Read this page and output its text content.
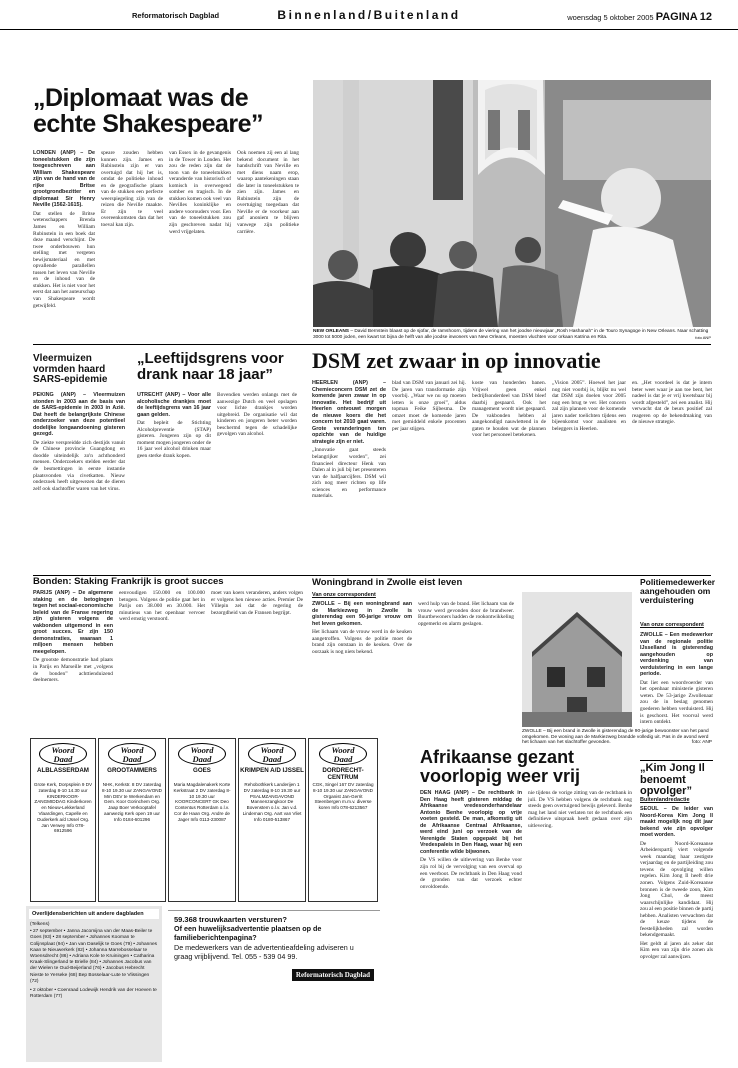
Reformatorisch Dagblad	Binnenland/Buitenland	woensdag 5 oktober 2005 PAGINA 12
„Diplomaat was de echte Shakespeare”

LONDEN (ANP) – De toneelstukken die zijn toegeschreven aan William Shakespeare zijn van de hand van de rijke Britse grootgrondbezitter en diplomaat Sir Henry Neville (1562-1615).

Dat stellen de Britse wetenschappers Brenda James en William Rubinstein in een boek dat deze maand verschijnt. De twee onderbouwen hun stelling met vergeten bewijsmateriaal en met opvallende parallellen tussen het leven van Neville en de inhoud van de stukken. Het is niet voor het eerst dat aan het auteurschap van Shakespeare wordt getwijfeld.

speare zouden hebben kunnen zijn. James en Rubinstein zijn er van overtuigd dat hij het is, omdat de politieke inhoud en de geografische plaats van de stukken een perfecte weerspiegeling zijn van de reizen die Neville maakte. Er zijn te veel overeenkomsten dan dat het toeval kan zijn.

van Essex in de gevangenis in de Tower in Londen. Het zou de reden zijn dat de toon van de toneelstukken veranderde van historisch of komisch in overwegend somber en tragisch. In de stukken komen ook veel van Nevilles koninklijke en andere voorouders voor. Een van de toneelstukken zou zijn geschreven nadat hij werd vrijgelaten.

Ook noemen zij een al lang bekend document in het handschrift van Neville en met diens naam erop, waarop aantekeningen staan die later in toneelstukken te zien zijn. James en Rubinstein zijn de overtuiging toegedaan dat Neville er de voorkeur aan gaf anoniem te blijven vanwege zijn politieke carrière.

NEW ORLEANS – David Bernstein blaast op de sjofar, de ramshoorn, tijdens de viering van het joodse nieuwjaar „Rosh Hashanah” in de Touro Synagoge in New Orleans. Naar schatting 3000 tot 5000 joden, een kwart tot bijna de helft van alle joodse inwoners van New Orleans, moesten vluchten voor orkaan Katrina en Rita.	foto ANP
Vleermuizen vormden haard SARS-epidemie

PEKING (ANP) – Vleermuizen stonden in 2003 aan de basis van de SARS-epidemie in 2003 in Azië. Dat heeft de belangrijkste Chinese onderzoeker van deze potentieel dodelijke longaandoening gisteren gezegd.

De ziekte verspreidde zich destijds vanuit de Chinese provincie Guangdong en doodde uiteindelijk zo'n achthonderd mensen. Onderzoekers stelden eerder dat de besmettingen in eerste instantie plaatsvonden via civetkatten. Nieuw onderzoek heeft uitgewezen dat de dieren zelf ook slachtoffer waren van het virus.

„Leeftijdsgrens voor drank naar 18 jaar”

UTRECHT (ANP) – Voor alle alcoholische drankjes moet de leeftijdsgrens van 16 jaar gaan gelden.

Dat bepleit de Stichting Alcoholpreventie (STAP) gisteren. Jongeren zijn op dit moment mogen jongeren onder de 16 jaar wel alcohol drinken maar geen sterke drank kopen.

Bovendien werden onlangs met de aanwezige Dutch en veel opslagen voor lichte drankjes worden uitgebreid. De organisatie wil dat kinderen en jongeren beter worden beschermd tegen de schadelijke gevolgen van alcohol.

DSM zet zwaar in op innovatie

HEERLEN (ANP) – Chemieconcern DSM zet de komende jaren zwaar in op innovatie. Het bedrijf uit Heerlen ontvouwt morgen de nieuwe koers die het concern tot 2010 gaat varen. Grote veranderingen ten opzichte van de huidige strategie zijn er niet.

„Innovatie gaat steeds belangrijker worden”, zei financieel directeur Henk van Dalen al in juli bij het presenteren van de halfjaarcijfers. DSM wil zich nog meer richten op life sciences en performance materials.

blad van DSM van januari zei hij. De jaren van transformatie zijn voorbij. „Waar we nu op moeten letten is onze groei”, aldus topman Feike Sijbesma. De omzet moet de komende jaren met gemiddeld enkele procenten per jaar stijgen.

koste van honderden banen. Vrijwel geen enkel bedrijfsonderdeel van DSM bleef daarbij gespaard. Ook het management wordt niet gespaard. De vakbonden hebben al aangekondigd nauwlettend in de gaten te houden wat de plannen voor het personeel betekenen.

„Vision 2005”. Hoewel het jaar nog niet voorbij is, blijkt nu wel dat DSM zijn doelen voor 2005 nog een brug te ver. Het concern zal zijn plannen voor de komende jaren nader toelichten tijdens een bijeenkomst voor analisten en beleggers in Heerlen.

en. „Het voordeel is dat je intern beter weet waar je aan toe bent, het nadeel is dat je er vrij kwetsbaar bij wordt afgesteld”, zei een analist. Hij verwacht dat de beurs positief zal reageren op de bekendmaking van de nieuwe strategie.

Bonden: Staking Frankrijk is groot succes

PARIJS (ANP) – De algemene staking en de betogingen tegen het sociaal-economische beleid van de Franse regering zijn gisteren volgens de vakbonden uitgemond in een groot succes. Er zijn 150 demonstraties, waaraan 1 miljoen mensen hebben meegelopen.

De grootste demonstratie had plaats in Parijs en Marseille met „volgens de bonden” achttienduizend deelnemers.

eenvoudigen 150.000 en 100.000 betogers. Volgens de politie gaat het in Parijs om 38.000 en 30.000. Het minutieus van het openbaar vervoer werd ernstig verstoord.

moet van koers veranderen, anders volgen er volgens hen nieuwe acties. Premier De Villepin zei dat de regering de bezorgdheid van de Fransen begrijpt.

Woningbrand in Zwolle eist leven
Van onze correspondent

ZWOLLE – Bij een woningbrand aan de Markiezweg in Zwolle is gisterendag een 90-jarige vrouw om het leven gekomen.

Het lichaam van de vrouw werd in de keuken aangetroffen. Volgens de politie moet de brand zijn ontstaan in de keuken. Over de oorzaak is nog niets bekend.

werd hulp van de brand. Het lichaam van de vrouw werd gevonden door de brandweer. Buurtbewoners hadden de rookontwikkeling opgemerkt en alarm geslagen.

ZWOLLE – Bij een brand in Zwolle is gisterendag de 90-jarige bewoonster van het pand omgekomen. De woning aan de Markiezweg brandde volledig uit. Pas in de avond werd het lichaam van het slachtoffer gevonden.	foto: ANP
Politiemedewerker aangehouden om verduistering
Van onze correspondent

ZWOLLE – Een medewerker van de regionale politie IJsselland is gisterendag aangehouden op verdenking van verduistering in een lange periode.

Dat liet een woordvoerder van het openbaar ministerie gisteren weten. De 53-jarige Zwollenaar zou de in beslag genomen goederen hebben verduisterd. Hij is geschorst. Het voorval werd intern ontdekt.

„Kim Jong Il benoemt opvolger”
Buitenlandredactie

SEOUL – De leider van Noord-Korea Kim Jong Il maakt mogelijk nog dit jaar bekend wie zijn opvolger moet worden.

De Noord-Koreaanse Arbeiderspartij viert volgende week maandag haar zestigste verjaardag en de partijleiding zou tevens de opvolging willen regelen. Kim Jong Il heeft drie zonen. Volgens Zuid-Koreaanse bronnen is de tweede zoon, Kim Jong Chol, de meest waarschijnlijke kandidaat. Hij zou al een positie binnen de partij hebben. Analisten verwachten dat de keuze tijdens de feestelijkheden zal worden bekendgemaakt.

Het geldt al jaren als zeker dat Kim een van zijn drie zonen als opvolger zal aanwijzen.

Afrikaanse gezant voorlopig weer vrij

DEN HAAG (ANP) – De rechtbank in Den Haag heeft gisteren middag de Afrikaanse vredesonderhandelaar Antonio Benhe voorlopig op vrije voeten gesteld. De man, afkomstig uit de Afrikaanse Centraal Afrikaanse, werd eind juni op verzoek van de Verenigde Staten opgepakt bij het Vredespaleis in Den Haag, waar hij een conferentie wilde bijwonen.

De VS willen de uitlevering van Benhe voor zijn rol bij de vervolging van een overval op een veerboot. De rechtbank in Den Haag vond de gronden van dat verzoek echter onvoldoende.

nie tijdens de vorige zitting van de rechtbank in juli. De VS hebben volgens de rechtbank nog steeds geen overtuigend bewijs geleverd. Benhe mag het land niet verlaten tot de rechtbank een definitieve uitspraak heeft gedaan over zijn uitlevering.

Woord
Daad
ALBLASSERDAM
Grote Kerk, Dorpsplein 9 DV zaterdag 8-10 14.30 uur KINDERKOOR-ZANGMIDDAG Kinderkoren en Nieuw-Lekkerland Vlaardingen, Capelle en Ouderkerk a/d IJssel Org. Jan Verwey Info 078-6912596
Woord
Daad
GROOTAMMERS
NHK, Kerkstr. 8 DV zaterdag 8-10 19.30 uur ZANGAVOND Mm DEV te Werkendam en Gem. Koor Gorinchem Org. Jaap Boer Verkooptafel aanwezig Kerk open 19 uur Info 0184-601296
Woord
Daad
GOES
Maria Magdalenakerk Korte Kerkstraat 2 DV zaterdag 8-10 19.30 uur KOORCONCERT GK Deo Contentus Rotterdam o.l.v. Cor de Haan Org. Andre de Jager Info 0113-230087
Woord
Daad
KRIMPEN A/D IJSSEL
Rehobothkerk Landerijen 1 DV zaterdag 8-10 19.30 uur PSALMZANGAVOND Mannenzangkoor De Bovenstem o.l.v. Jan v.d. Lindeman Org. Aart van Vliet Info 0180-513867
Woord
Daad
DORDRECHT-CENTRUM
CGK, Singel 167 DV zaterdag 8-10 19.30 uur ZANGAVOND Organist Jan-Gerrit Steenbergen m.m.v. diverse koren Info 078-6213567
Overlijdensberichten uit andere dagbladen

(Telkens)

• 27 september • Janna Jacomijna van der Maas-Beiler te Goes (93) • 28 september • Johannes Kooman te Colijnsplaat (94) • Jan van Daselijk te Goes (79) • Johannes Kaan te Nieuwerkerk (82) • Johanna Marrebosselaar te Woensdrecht (86) • Adriana Kole te Kruiningen • Catharina Kraak-Slingerland te Brielle (84) • Johannes Jacobus van der Wielen te Oud-Beijerland (76) • Jacobus Hebrecht Nieste te Yerseke (68) Bep Bosselaar-Lute te Vlissingen (72)

• 2 oktober • Coenraad Lodewijk Hendrik van der Hoeven te Rotterdam (77)

59.368 trouwkaarten versturen?
Of een huwelijksadvertentie plaatsen op de familieberichtenpagina?
De medewerkers van de advertentieafdeling adviseren u graag vrijblijvend. Tel. 055 - 539 04 99.
Reformatorisch Dagblad
